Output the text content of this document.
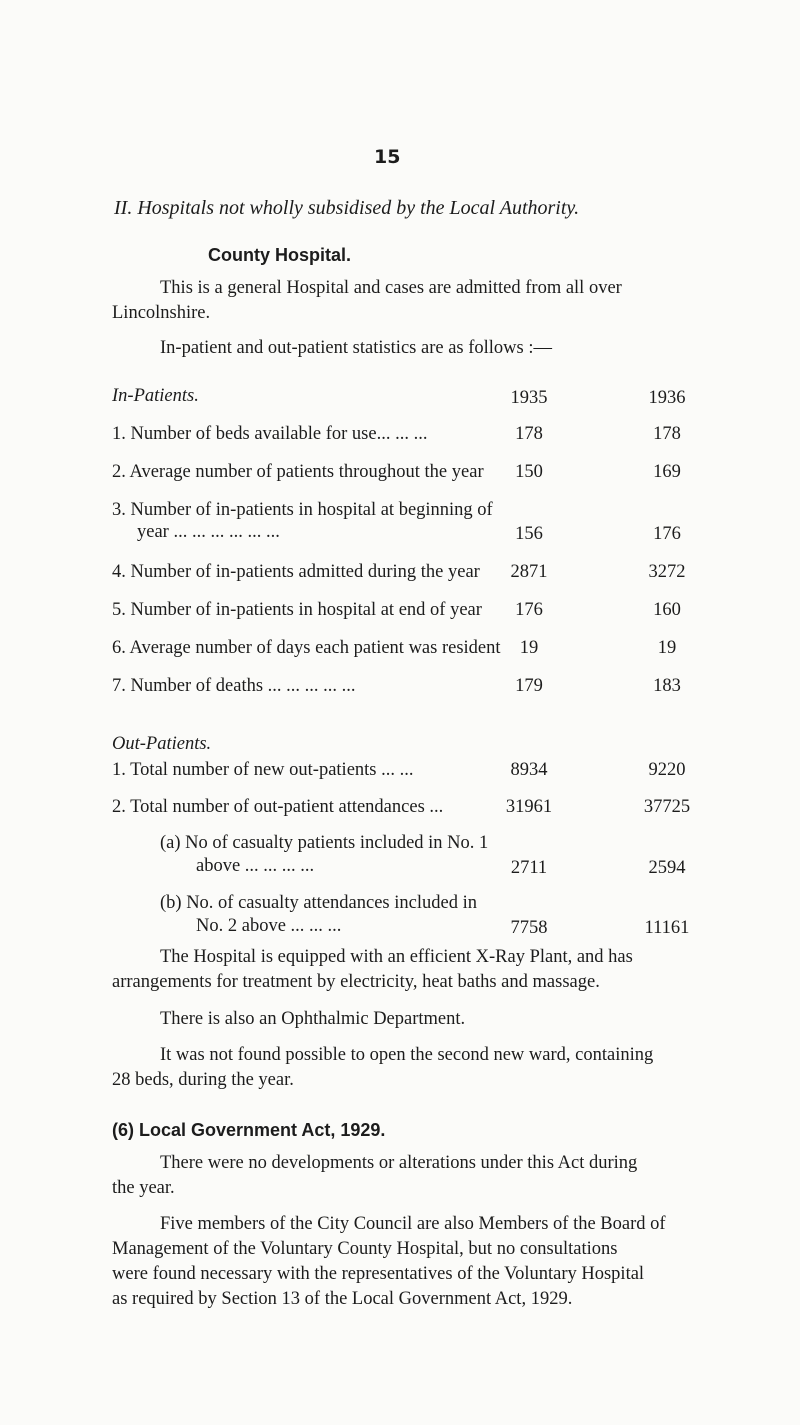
15
II. Hospitals not wholly subsidised by the Local Authority.
County Hospital.
This is a general Hospital and cases are admitted from all over
Lincolnshire.
In-patient and out-patient statistics are as follows :—
In-Patients.	1935	1936
1. Number of beds available for use... ... ...	178	178
2. Average number of patients throughout the year	150	169
3. Number of in-patients in hospital at beginning of
year ... ... ... ... ... ...	156	176
4. Number of in-patients admitted during the year	2871	3272
5. Number of in-patients in hospital at end of year	176	160
6. Average number of days each patient was resident	19	19
7. Number of deaths ... ... ... ... ...	179	183
Out-Patients.
1. Total number of new out-patients ... ...	8934	9220
2. Total number of out-patient attendances ...	31961	37725
(a) No of casualty patients included in No. 1
above ... ... ... ...	2711	2594
(b) No. of casualty attendances included in
No. 2 above ... ... ...	7758	11161
The Hospital is equipped with an efficient X-Ray Plant, and has
arrangements for treatment by electricity, heat baths and massage.
There is also an Ophthalmic Department.
It was not found possible to open the second new ward, containing
28 beds, during the year.
(6) Local Government Act, 1929.
There were no developments or alterations under this Act during
the year.
Five members of the City Council are also Members of the Board of
Management of the Voluntary County Hospital, but no consultations
were found necessary with the representatives of the Voluntary Hospital
as required by Section 13 of the Local Government Act, 1929.
